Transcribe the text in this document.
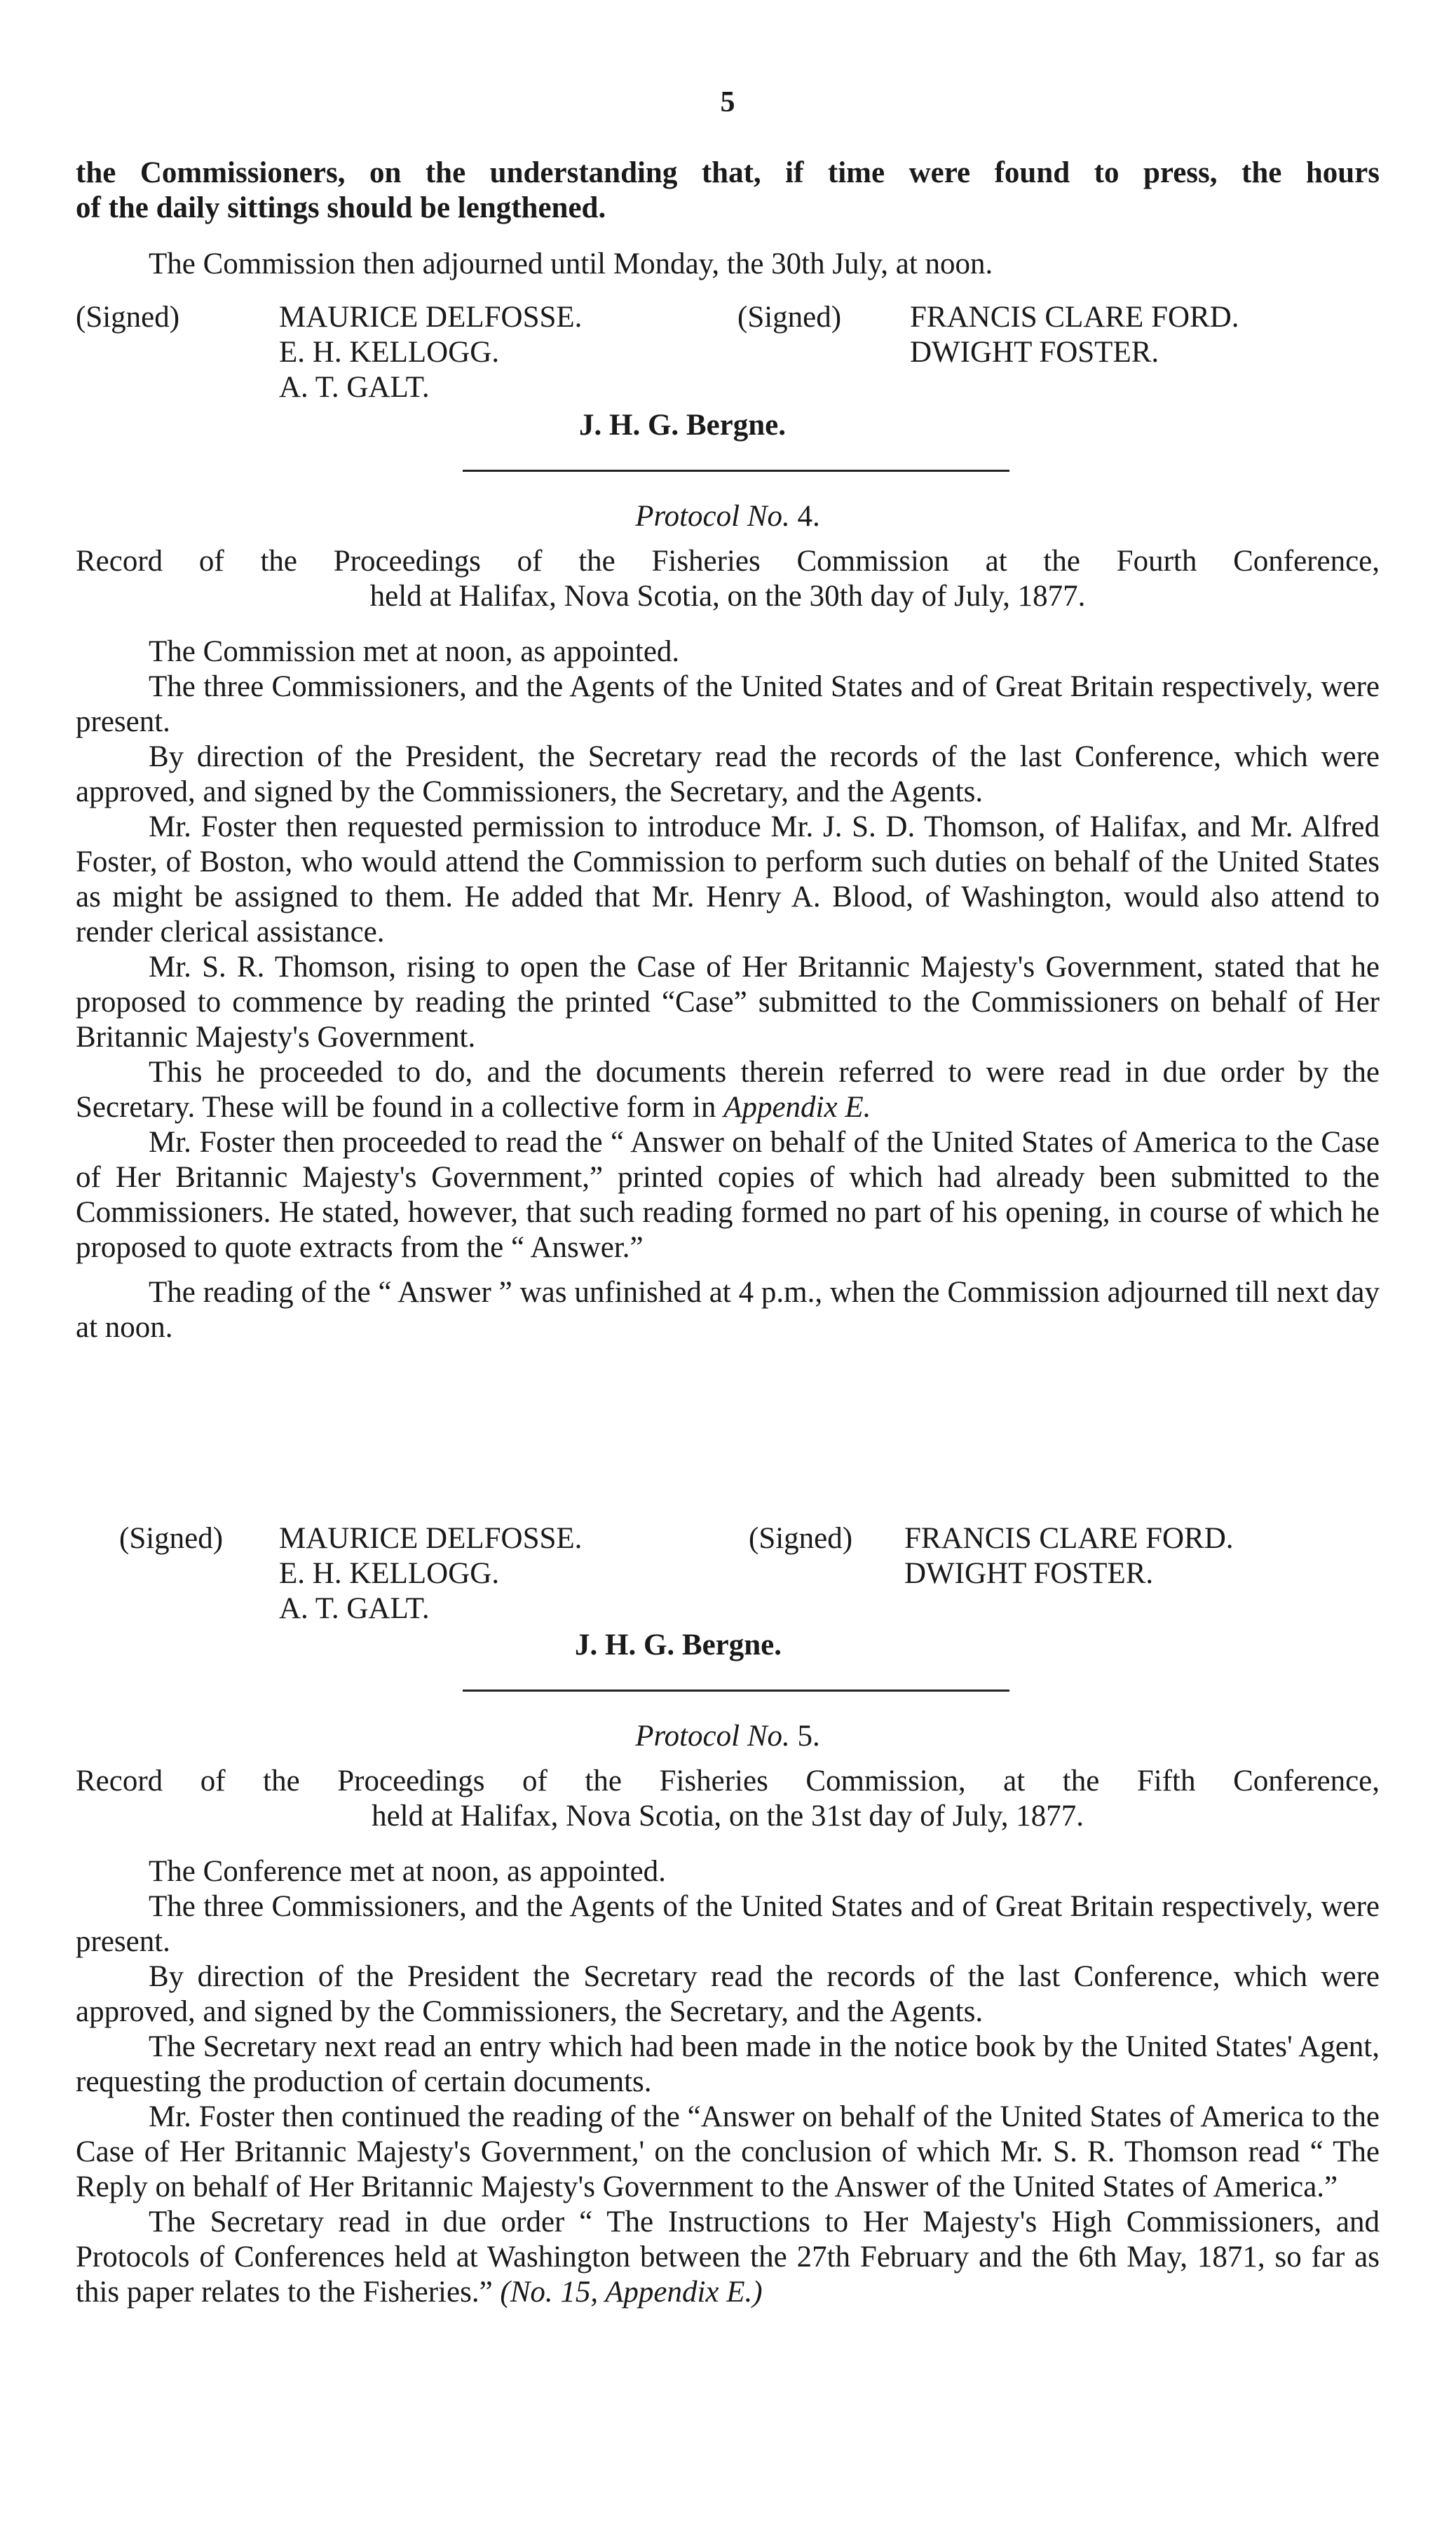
5

the Commissioners, on the understanding that, if time were found to press, the hours

of the daily sittings should be lengthened.

The Commission then adjourned until Monday, the 30th July, at noon.

(Signed)	MAURICE DELFOSSE.
E. H. KELLOGG.
A. T. GALT.
(Signed) FRANCIS CLARE FORD.
DWIGHT FOSTER.
J. H. G. Bergne.
Protocol No. 4.
Record of the Proceedings of the Fisheries Commission at the Fourth Conference,
held at Halifax, Nova Scotia, on the 30th day of July, 1877.

The Commission met at noon, as appointed.

The three Commissioners, and the Agents of the United States and of Great Britain respectively, were present.

By direction of the President, the Secretary read the records of the last Conference, which were approved, and signed by the Commissioners, the Secretary, and the Agents.

Mr. Foster then requested permission to introduce Mr. J. S. D. Thomson, of Halifax, and Mr. Alfred Foster, of Boston, who would attend the Commission to perform such duties on behalf of the United States as might be assigned to them. He added that Mr. Henry A. Blood, of Washington, would also attend to render clerical assistance.

Mr. S. R. Thomson, rising to open the Case of Her Britannic Majesty's Government, stated that he proposed to commence by reading the printed “Case” submitted to the Commissioners on behalf of Her Britannic Majesty's Government.

This he proceeded to do, and the documents therein referred to were read in due order by the Secretary. These will be found in a collective form in Appendix E.

Mr. Foster then proceeded to read the “ Answer on behalf of the United States of America to the Case of Her Britannic Majesty's Government,” printed copies of which had already been submitted to the Commissioners. He stated, however, that such reading formed no part of his opening, in course of which he proposed to quote extracts from the “ Answer.”

The reading of the “ Answer ” was unfinished at 4 p.m., when the Commission adjourned till next day at noon.

(Signed) MAURICE DELFOSSE.
E. H. KELLOGG.
A. T. GALT.
(Signed) FRANCIS CLARE FORD.
DWIGHT FOSTER.
J. H. G. Bergne.
Protocol No. 5.
Record of the Proceedings of the Fisheries Commission, at the Fifth Conference,
held at Halifax, Nova Scotia, on the 31st day of July, 1877.

The Conference met at noon, as appointed.

The three Commissioners, and the Agents of the United States and of Great Britain respectively, were present.

By direction of the President the Secretary read the records of the last Conference, which were approved, and signed by the Commissioners, the Secretary, and the Agents.

The Secretary next read an entry which had been made in the notice book by the United States' Agent, requesting the production of certain documents.

Mr. Foster then continued the reading of the “Answer on behalf of the United States of America to the Case of Her Britannic Majesty's Government,' on the conclusion of which Mr. S. R. Thomson read “ The Reply on behalf of Her Britannic Majesty's Government to the Answer of the United States of America.”

The Secretary read in due order “ The Instructions to Her Majesty's High Commissioners, and Protocols of Conferences held at Washington between the 27th February and the 6th May, 1871, so far as this paper relates to the Fisheries.” (No. 15, Appendix E.)
